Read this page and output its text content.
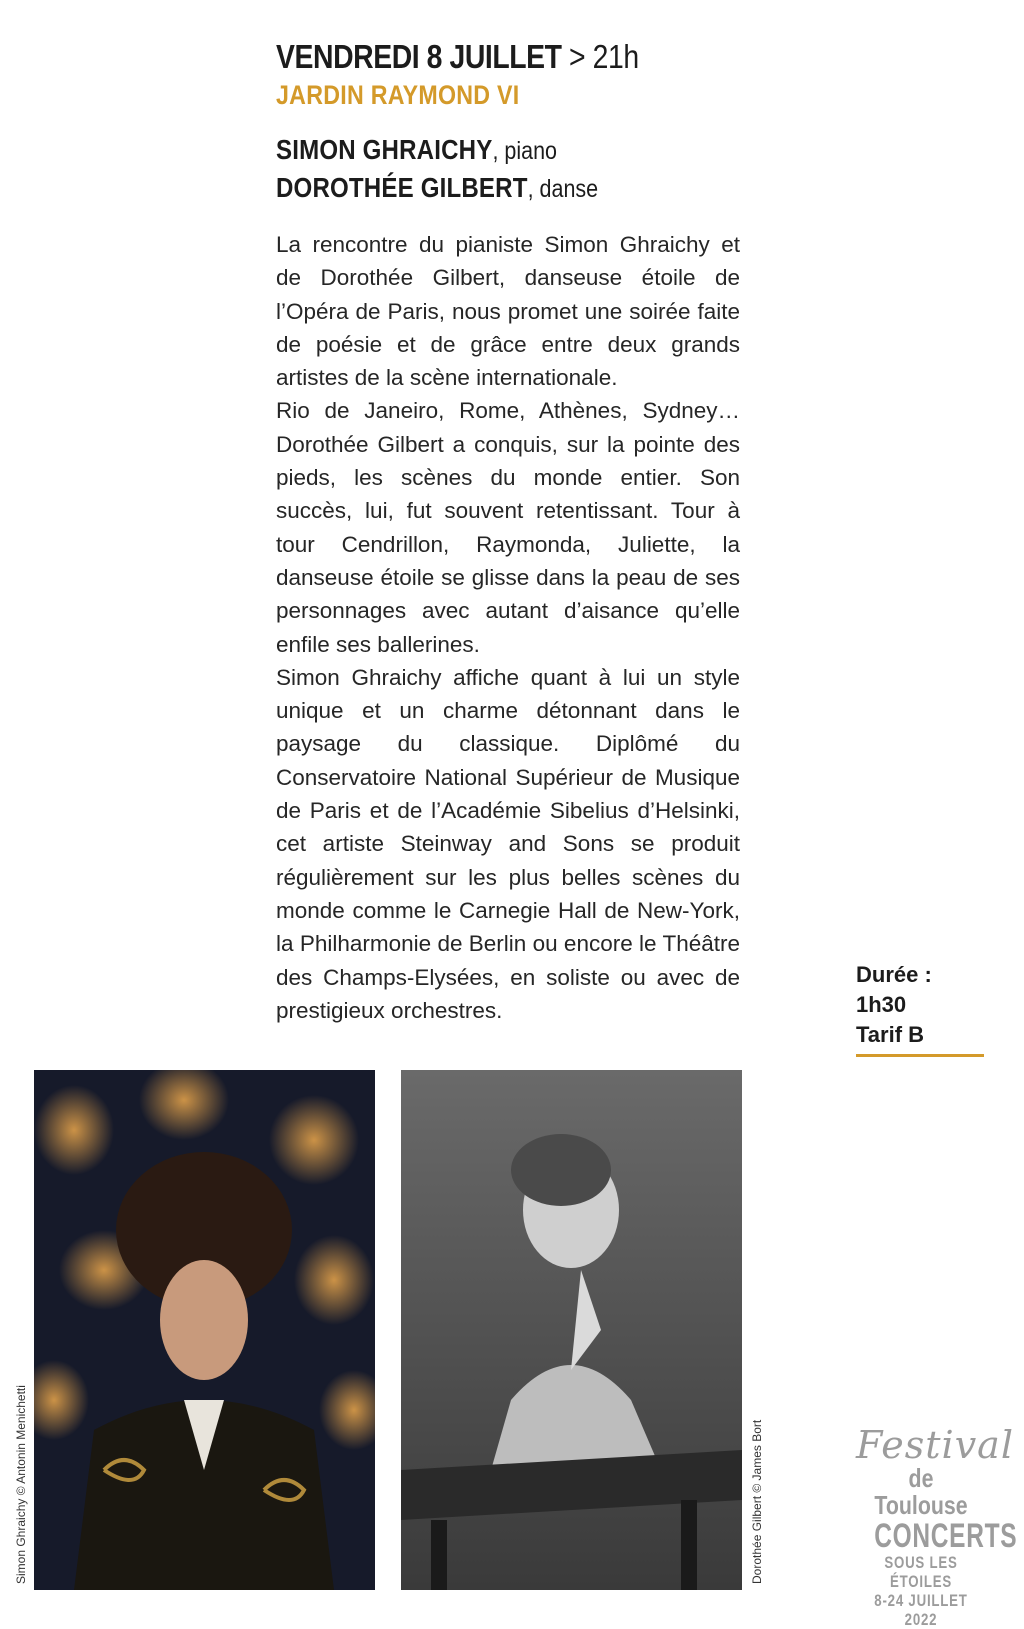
VENDREDI 8 JUILLET > 21h
JARDIN RAYMOND VI
SIMON GHRAICHY, piano
DOROTHÉE GILBERT, danse

La rencontre du pianiste Simon Ghraichy et de Dorothée Gilbert, danseuse étoile de l’Opéra de Paris, nous promet une soirée faite de poésie et de grâce entre deux grands artistes de la scène internationale.

Rio de Janeiro, Rome, Athènes, Sydney… Dorothée Gilbert a conquis, sur la pointe des pieds, les scènes du monde entier. Son succès, lui, fut souvent retentissant. Tour à tour Cendrillon, Raymonda, Juliette, la danseuse étoile se glisse dans la peau de ses personnages avec autant d’aisance qu’elle enfile ses ballerines.

Simon Ghraichy affiche quant à lui un style unique et un charme détonnant dans le paysage du classique. Diplômé du Conservatoire National Supérieur de Musique de Paris et de l’Académie Sibelius d’Helsinki, cet artiste Steinway and Sons se produit régulièrement sur les plus belles scènes du monde comme le Carnegie Hall de New-York, la Philharmonie de Berlin ou encore le Théâtre des Champs-Elysées, en soliste ou avec de prestigieux orchestres.

Durée : 1h30
Tarif B
Simon Ghraichy © Antonin Menichetti	Dorothée Gilbert © James Bort Festival
de Toulouse
CONCERTS
SOUS LES ÉTOILES
8-24 JUILLET 2022
